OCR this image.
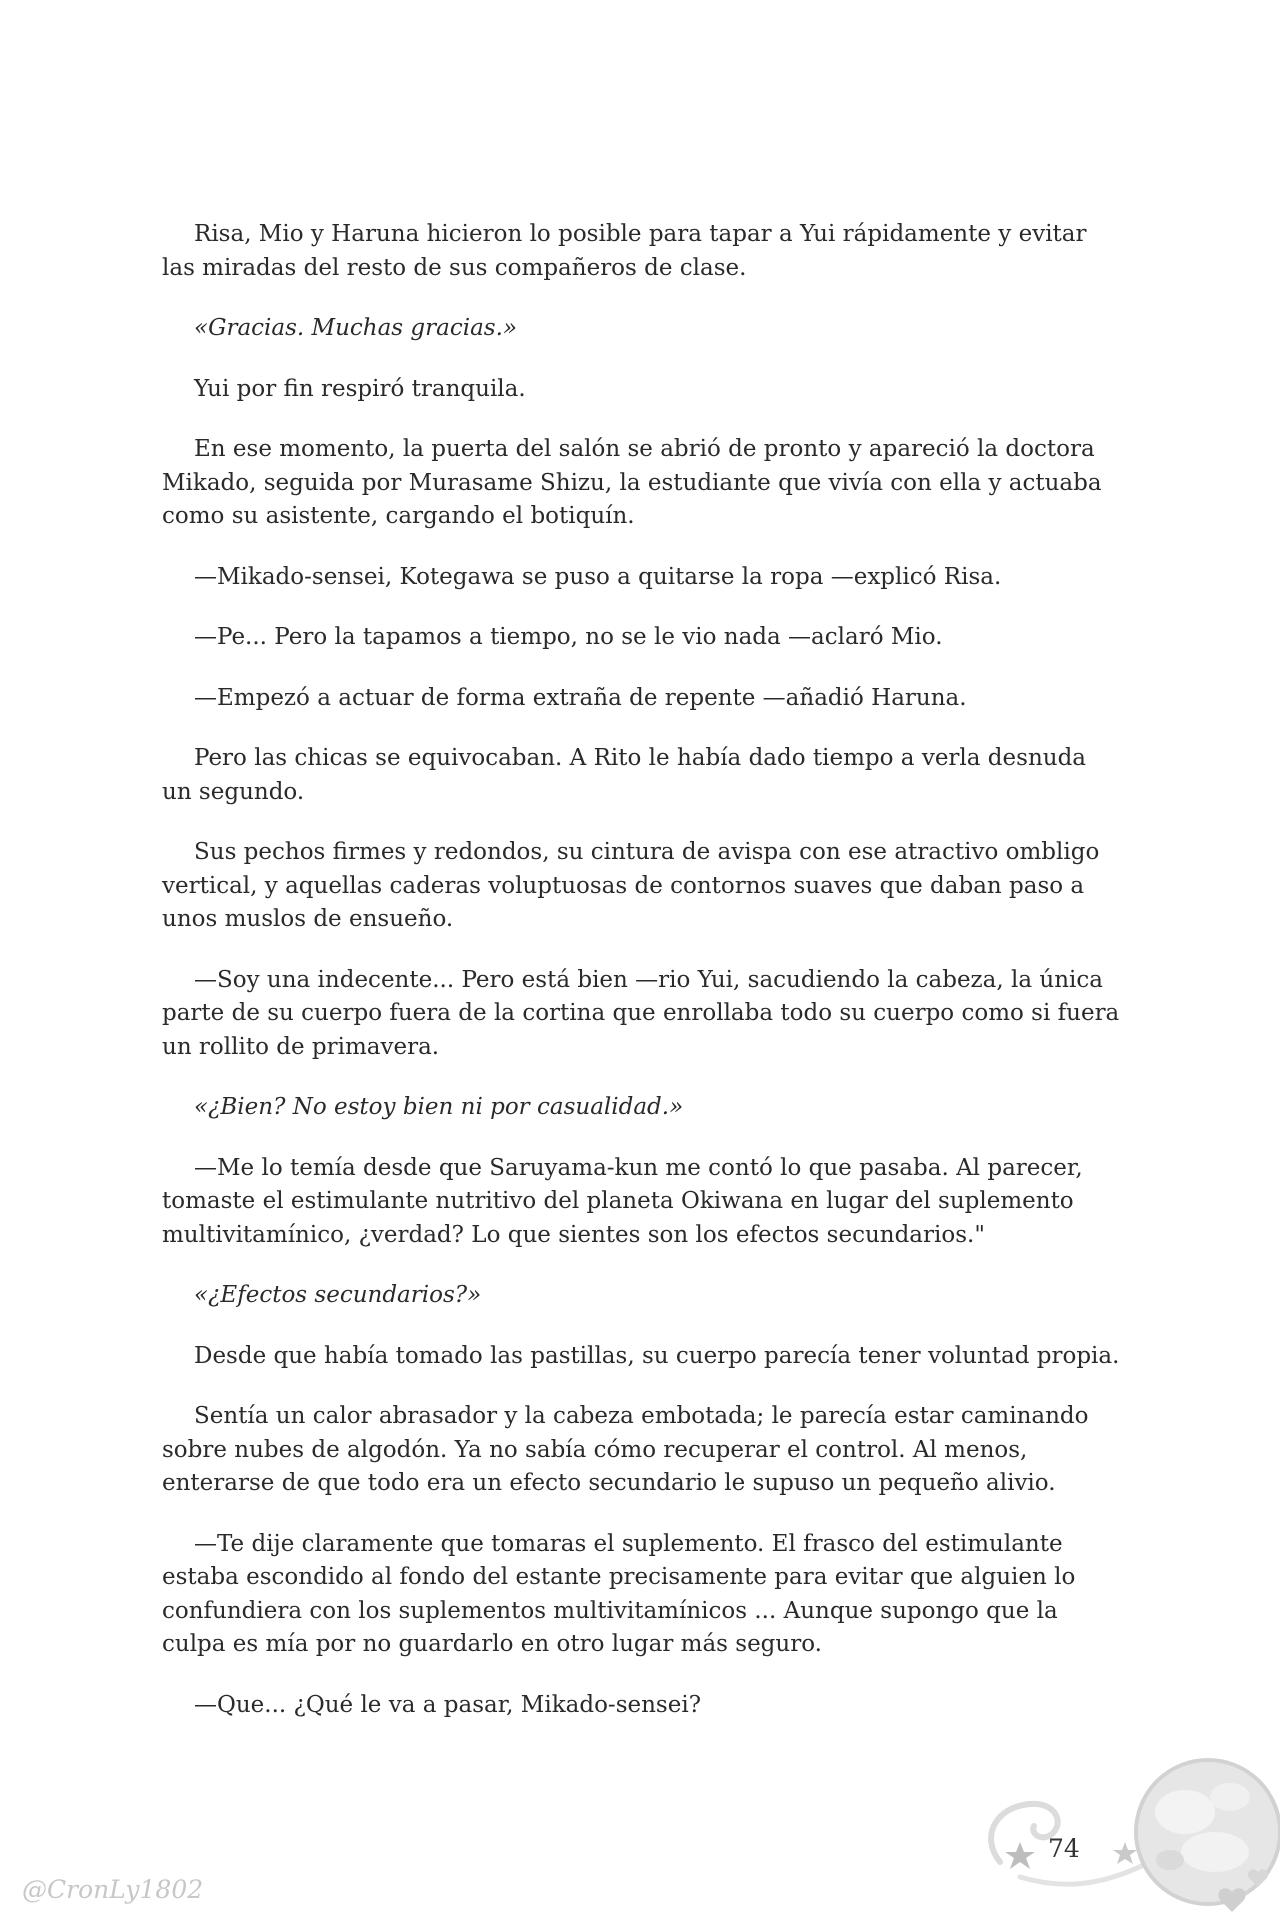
Risa, Mio y Haruna hicieron lo posible para tapar a Yui rápidamente y evitar las miradas del resto de sus compañeros de clase.

«Gracias. Muchas gracias.»

Yui por fin respiró tranquila.

En ese momento, la puerta del salón se abrió de pronto y apareció la doctora Mikado, seguida por Murasame Shizu, la estudiante que vivía con ella y actuaba como su asistente, cargando el botiquín.

—Mikado-sensei, Kotegawa se puso a quitarse la ropa —explicó Risa.

—Pe... Pero la tapamos a tiempo, no se le vio nada —aclaró Mio.

—Empezó a actuar de forma extraña de repente —añadió Haruna.

Pero las chicas se equivocaban. A Rito le había dado tiempo a verla desnuda un segundo.

Sus pechos firmes y redondos, su cintura de avispa con ese atractivo ombligo vertical, y aquellas caderas voluptuosas de contornos suaves que daban paso a unos muslos de ensueño.

—Soy una indecente... Pero está bien —rio Yui, sacudiendo la cabeza, la única parte de su cuerpo fuera de la cortina que enrollaba todo su cuerpo como si fuera un rollito de primavera.

«¿Bien? No estoy bien ni por casualidad.»

—Me lo temía desde que Saruyama-kun me contó lo que pasaba. Al parecer, tomaste el estimulante nutritivo del planeta Okiwana en lugar del suplemento multivitamínico, ¿verdad? Lo que sientes son los efectos secundarios."

«¿Efectos secundarios?»

Desde que había tomado las pastillas, su cuerpo parecía tener voluntad propia.

Sentía un calor abrasador y la cabeza embotada; le parecía estar caminando sobre nubes de algodón. Ya no sabía cómo recuperar el control. Al menos, enterarse de que todo era un efecto secundario le supuso un pequeño alivio.

—Te dije claramente que tomaras el suplemento. El frasco del estimulante estaba escondido al fondo del estante precisamente para evitar que alguien lo confundiera con los suplementos multivitamínicos ... Aunque supongo que la culpa es mía por no guardarlo en otro lugar más seguro.

—Que... ¿Qué le va a pasar, Mikado-sensei?

74
@CronLy1802
